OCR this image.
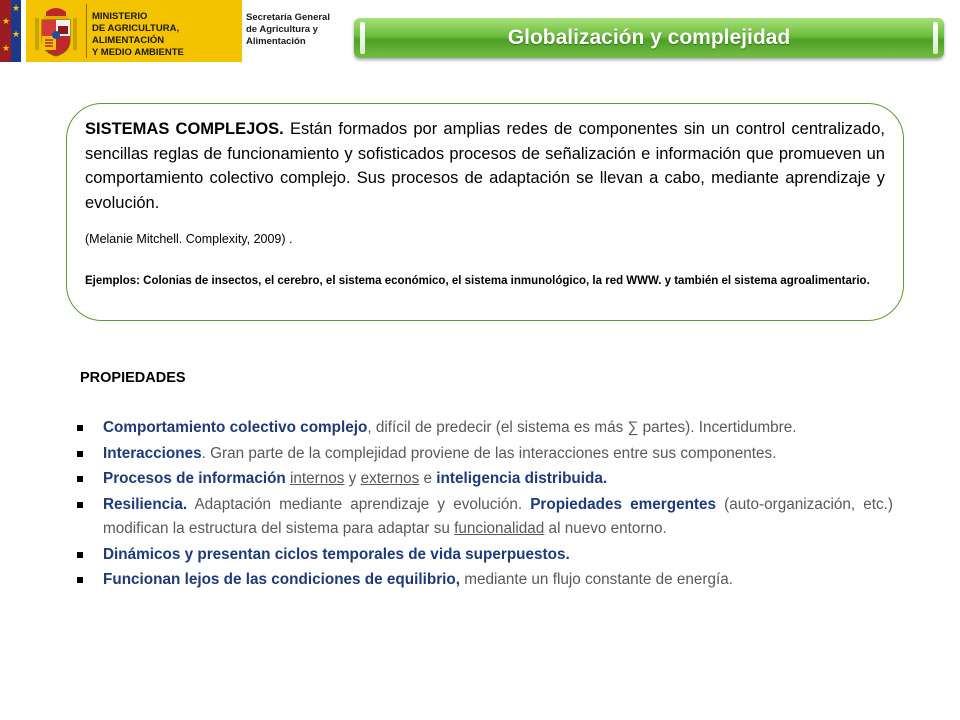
★
★
★
★
MINISTERIO
DE AGRICULTURA, ALIMENTACIÓN
Y MEDIO AMBIENTE
Secretaría General
de Agricultura y
Alimentación	Globalización y complejidad
SISTEMAS COMPLEJOS. Están formados por amplias redes de componentes sin un control centralizado, sencillas reglas de funcionamiento y sofisticados procesos de señalización e información que promueven un comportamiento colectivo complejo. Sus procesos de adaptación se llevan a cabo, mediante aprendizaje y evolución.
(Melanie Mitchell. Complexity, 2009) .
Ejemplos: Colonias de insectos, el cerebro, el sistema económico, el sistema inmunológico, la red WWW. y también el sistema agroalimentario.
PROPIEDADES
Comportamiento colectivo complejo, difícil de predecir (el sistema es más ∑ partes). Incertidumbre.
Interacciones. Gran parte de la complejidad proviene de las interacciones entre sus componentes.
Procesos de información internos y externos e inteligencia distribuida.
Resiliencia. Adaptación mediante aprendizaje y evolución. Propiedades emergentes (auto-organización, etc.) modifican la estructura del sistema para adaptar su funcionalidad al nuevo entorno.
Dinámicos y presentan ciclos temporales de vida superpuestos.
Funcionan lejos de las condiciones de equilibrio, mediante un flujo constante de energía.
